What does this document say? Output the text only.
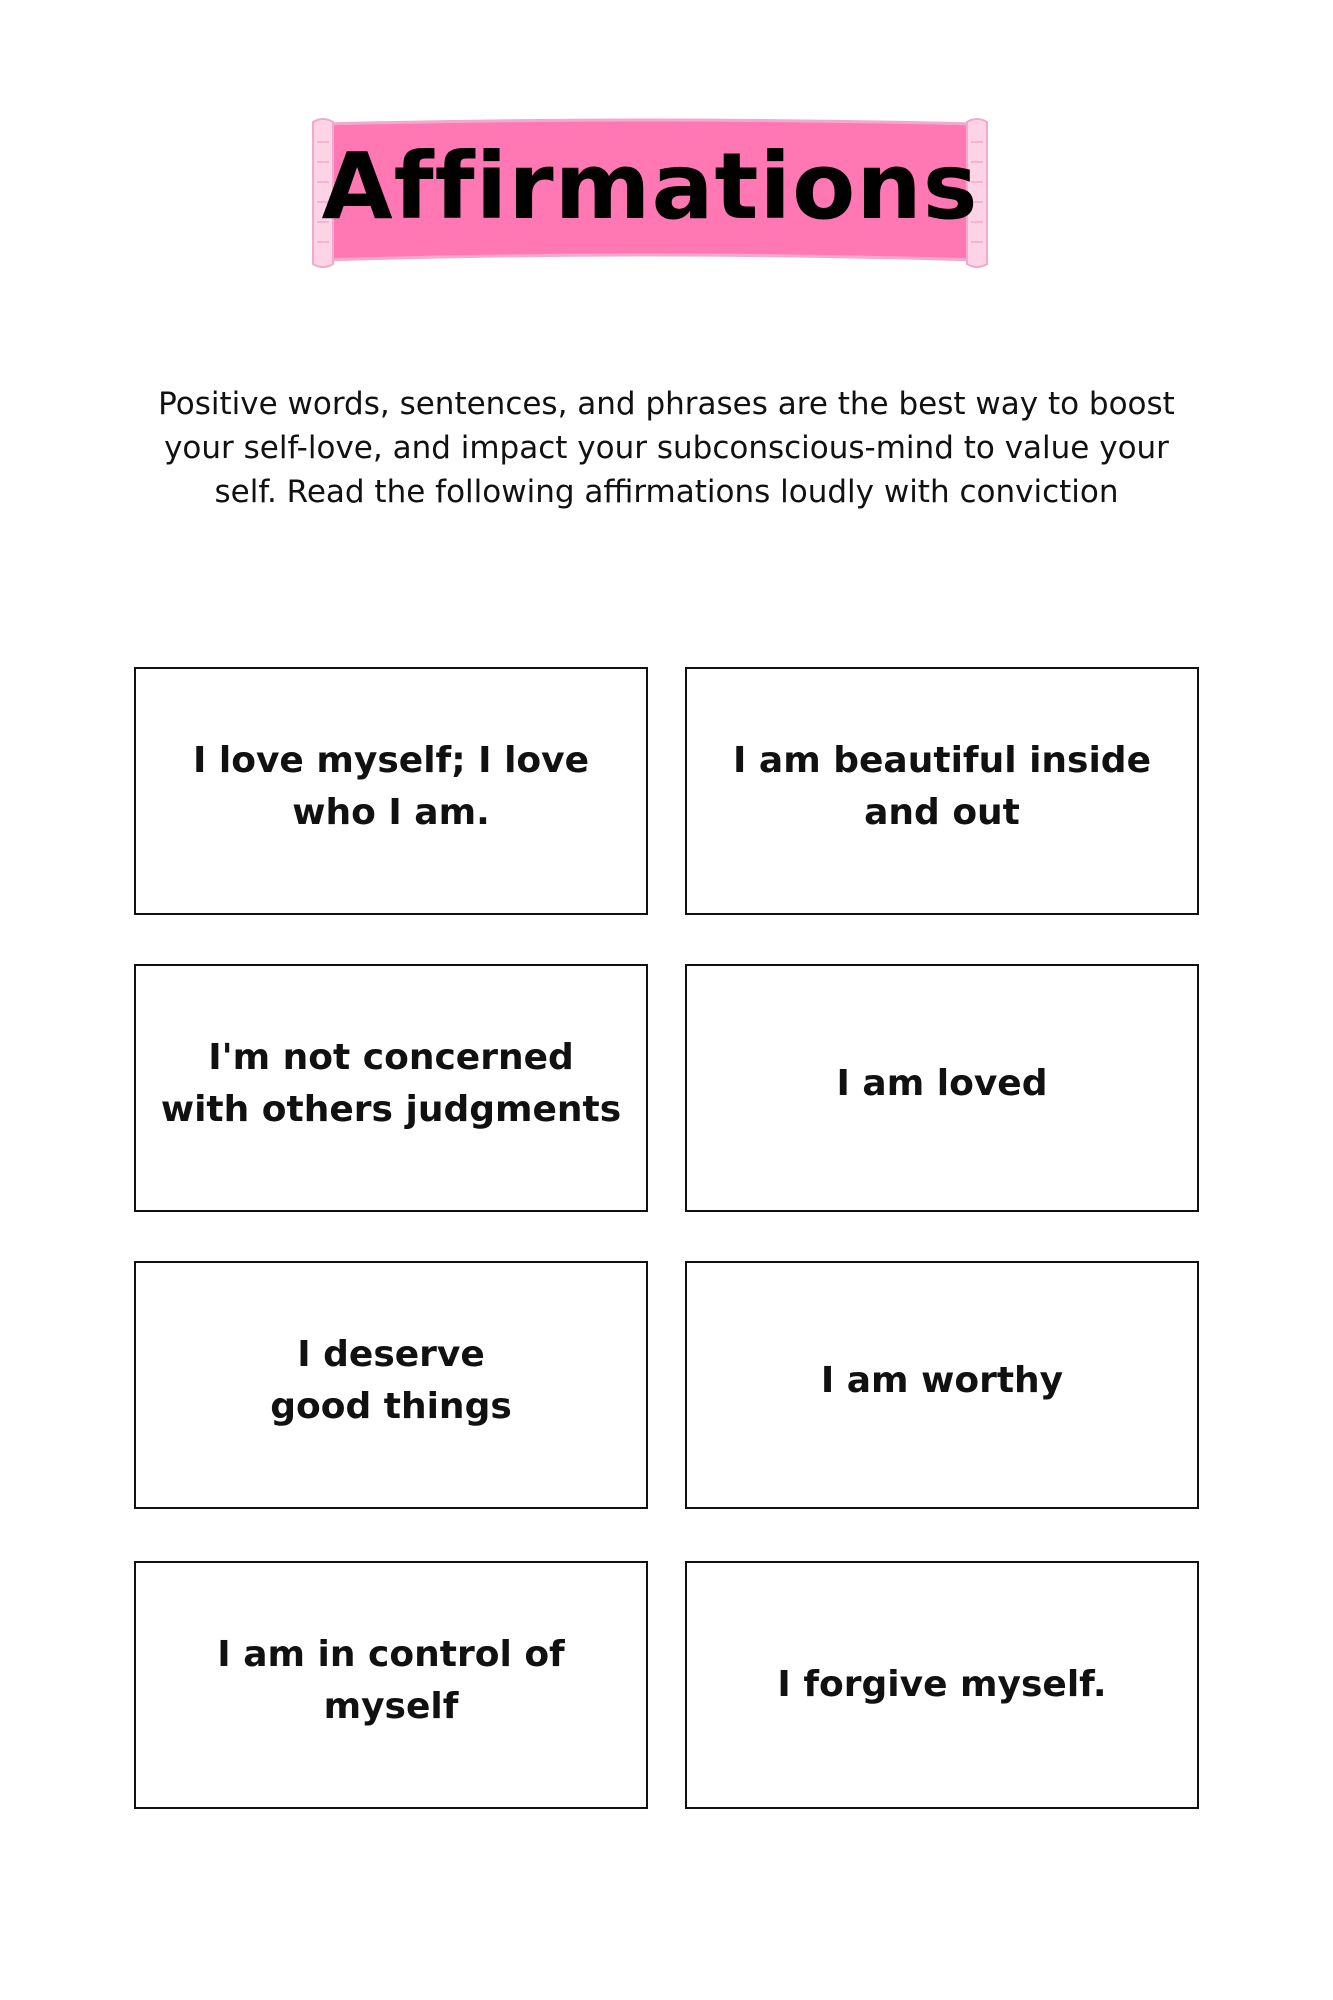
Affirmations

Positive words, sentences, and phrases are the best way to boost your self-love, and impact your subconscious-mind to value your self. Read the following affirmations loudly with conviction

I love myself; I love who I am.

I am beautiful inside and out

I'm not concerned with others judgments

I am loved

I deserve good things

I am worthy

I am in control of myself

I forgive myself.
